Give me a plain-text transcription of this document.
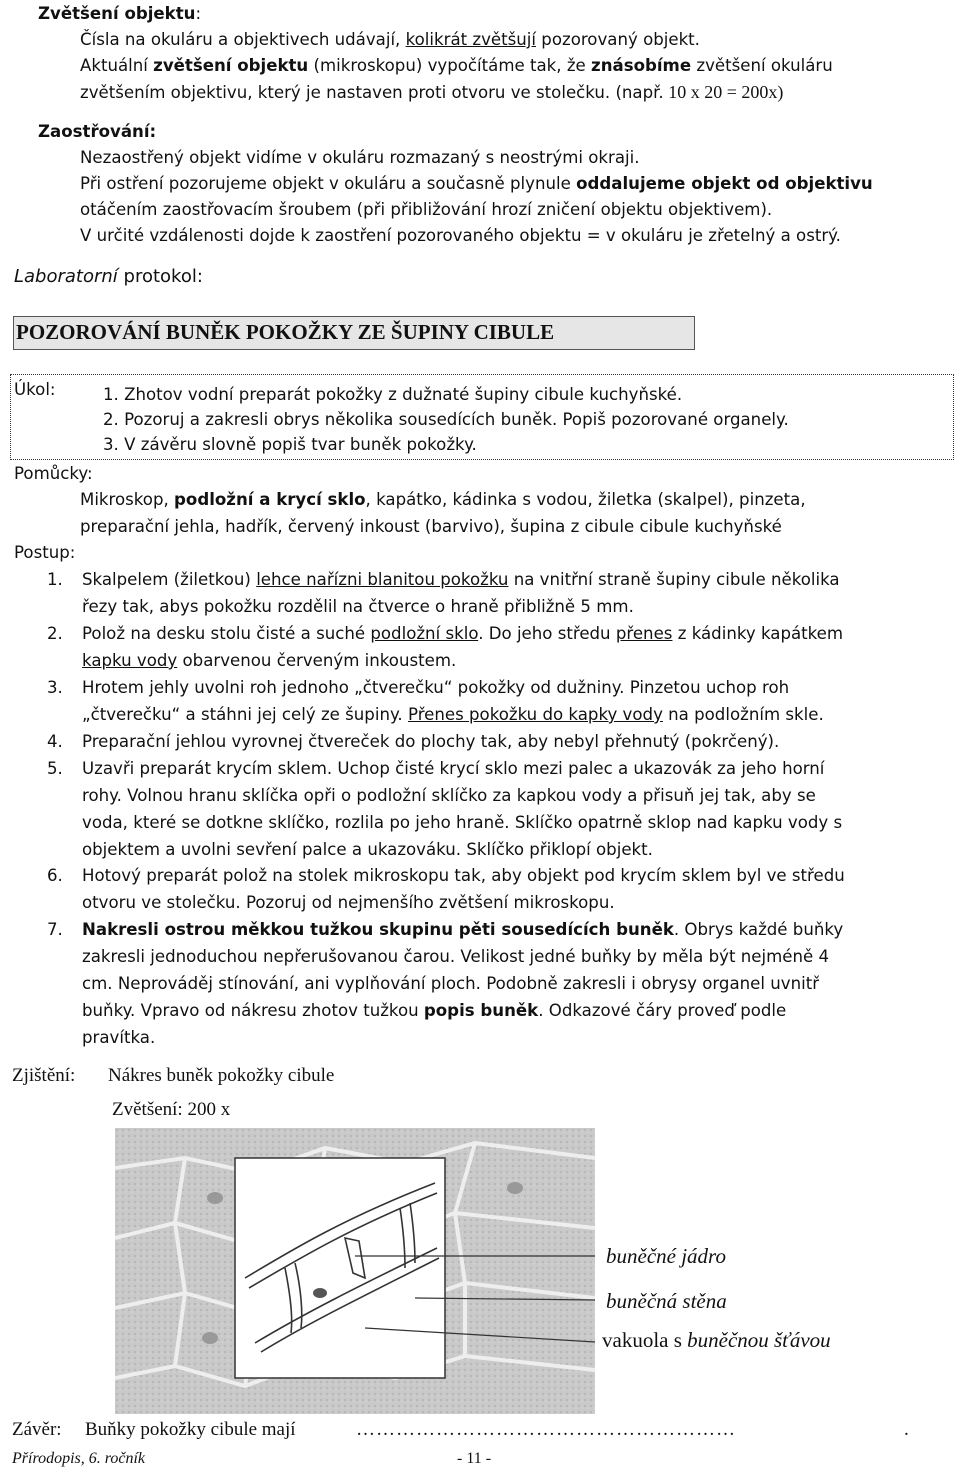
Zvětšení objektu:
Čísla na okuláru a objektivech udávají, kolikrát zvětšují pozorovaný objekt.
Aktuální zvětšení objektu (mikroskopu) vypočítáme tak, že znásobíme zvětšení okuláru
zvětšením objektivu, který je nastaven proti otvoru ve stolečku. (např. 10 x 20 = 200x)
Zaostřování:
Nezaostřený objekt vidíme v okuláru rozmazaný s neostrými okraji.
Při ostření pozorujeme objekt v okuláru a současně plynule oddalujeme objekt od objektivu
otáčením zaostřovacím šroubem (při přibližování hrozí zničení objektu objektivem).
V určité vzdálenosti dojde k zaostření pozorovaného objektu = v okuláru je zřetelný a ostrý.
Laboratorní protokol:
POZOROVÁNÍ BUNĚK POKOŽKY ZE ŠUPINY CIBULE
Úkol:	1. Zhotov vodní preparát pokožky z dužnaté šupiny cibule kuchyňské.
2. Pozoruj a zakresli obrys několika sousedících buněk. Popiš pozorované organely.
3. V závěru slovně popiš tvar buněk pokožky.
Pomůcky:
Mikroskop, podložní a krycí sklo, kapátko, kádinka s vodou, žiletka (skalpel), pinzeta,
preparační jehla, hadřík, červený inkoust (barvivo), šupina z cibule cibule kuchyňské
Postup:
1. Skalpelem (žiletkou) lehce nařízni blanitou pokožku na vnitřní straně šupiny cibule několika
řezy tak, abys pokožku rozdělil na čtverce o hraně přibližně 5 mm.
2. Polož na desku stolu čisté a suché podložní sklo. Do jeho středu přenes z kádinky kapátkem
kapku vody obarvenou červeným inkoustem.
3. Hrotem jehly uvolni roh jednoho „čtverečku“ pokožky od dužniny. Pinzetou uchop roh
„čtverečku“ a stáhni jej celý ze šupiny. Přenes pokožku do kapky vody na podložním skle.
4. Preparační jehlou vyrovnej čtvereček do plochy tak, aby nebyl přehnutý (pokrčený).
5. Uzavři preparát krycím sklem. Uchop čisté krycí sklo mezi palec a ukazovák za jeho horní
rohy. Volnou hranu sklíčka opři o podložní sklíčko za kapkou vody a přisuň jej tak, aby se
voda, které se dotkne sklíčko, rozlila po jeho hraně. Sklíčko opatrně sklop nad kapku vody s
objektem a uvolni sevření palce a ukazováku. Sklíčko přiklopí objekt.
6. Hotový preparát polož na stolek mikroskopu tak, aby objekt pod krycím sklem byl ve středu
otvoru ve stolečku. Pozoruj od nejmenšího zvětšení mikroskopu.
7. Nakresli ostrou měkkou tužkou skupinu pěti sousedících buněk. Obrys každé buňky
zakresli jednoduchou nepřerušovanou čarou. Velikost jedné buňky by měla být nejméně 4
cm. Neprováděj stínování, ani vyplňování ploch. Podobně zakresli i obrysy organel uvnitř
buňky. Vpravo od nákresu zhotov tužkou popis buněk. Odkazové čáry proveď podle
pravítka.
Zjištění: Nákres buněk pokožky cibule
Zvětšení: 200 x
buněčné jádro
buněčná stěna
vakuola s buněčnou šťávou
Závěr: Buňky pokožky cibule mají	…………………………………………………	.
Přírodopis, 6. ročník	- 11 -
